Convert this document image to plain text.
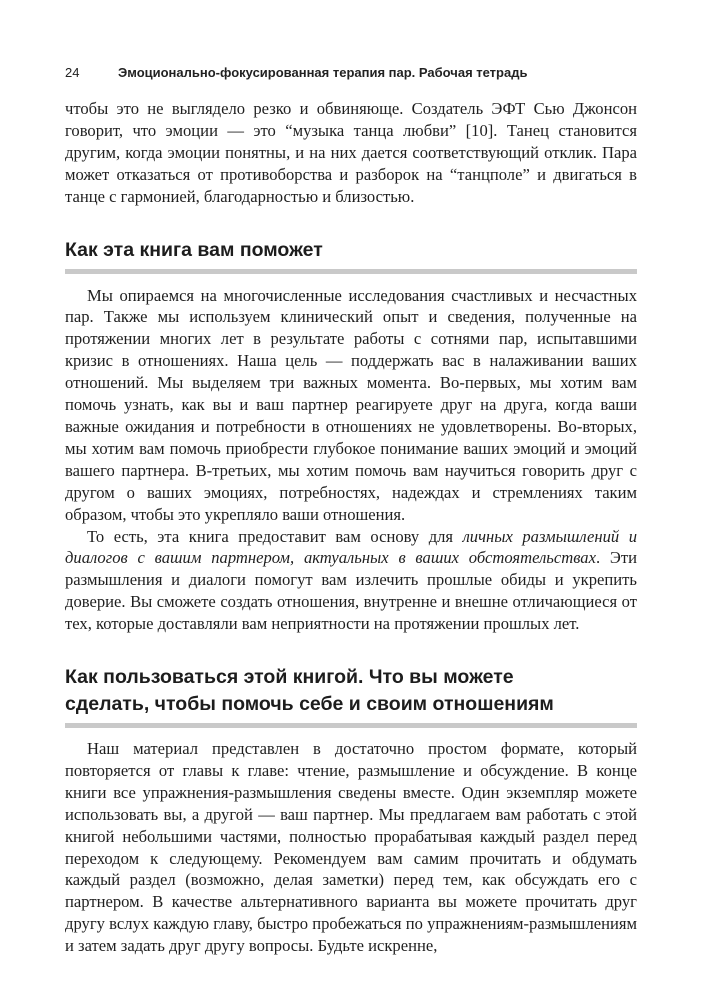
24	Эмоционально-фокусированная терапия пар. Рабочая тетрадь

чтобы это не выглядело резко и обвиняюще. Создатель ЭФТ Сью Джонсон говорит, что эмоции — это “музыка танца любви” [10]. Танец становится другим, когда эмоции понятны, и на них дается соответствующий отклик. Пара может отказаться от противоборства и разборок на “танцполе” и двигаться в танце с гармонией, благодарностью и близостью.

Как эта книга вам поможет

Мы опираемся на многочисленные исследования счастливых и несчастных пар. Также мы используем клинический опыт и сведения, полученные на протяжении многих лет в результате работы с сотнями пар, испытавшими кризис в отношениях. Наша цель — поддержать вас в налаживании ваших отношений. Мы выделяем три важных момента. Во-первых, мы хотим вам помочь узнать, как вы и ваш партнер реагируете друг на друга, когда ваши важные ожидания и потребности в отношениях не удовлетворены. Во-вторых, мы хотим вам помочь приобрести глубокое понимание ваших эмоций и эмоций вашего партнера. В-третьих, мы хотим помочь вам научиться говорить друг с другом о ваших эмоциях, потребностях, надеждах и стремлениях таким образом, чтобы это укрепляло ваши отношения.

То есть, эта книга предоставит вам основу для личных размышлений и диалогов с вашим партнером, актуальных в ваших обстоятельствах. Эти размышления и диалоги помогут вам излечить прошлые обиды и укрепить доверие. Вы сможете создать отношения, внутренне и внешне отличающиеся от тех, которые доставляли вам неприятности на протяжении прошлых лет.

Как пользоваться этой книгой. Что вы можете
сделать, чтобы помочь себе и своим отношениям

Наш материал представлен в достаточно простом формате, который повторяется от главы к главе: чтение, размышление и обсуждение. В конце книги все упражнения-размышления сведены вместе. Один экземпляр можете использовать вы, а другой — ваш партнер. Мы предлагаем вам работать с этой книгой небольшими частями, полностью прорабатывая каждый раздел перед переходом к следующему. Рекомендуем вам самим прочитать и обдумать каждый раздел (возможно, делая заметки) перед тем, как обсуждать его с партнером. В качестве альтернативного варианта вы можете прочитать друг другу вслух каждую главу, быстро пробежаться по упражнениям-размышлениям и затем задать друг другу вопросы. Будьте искренне,
